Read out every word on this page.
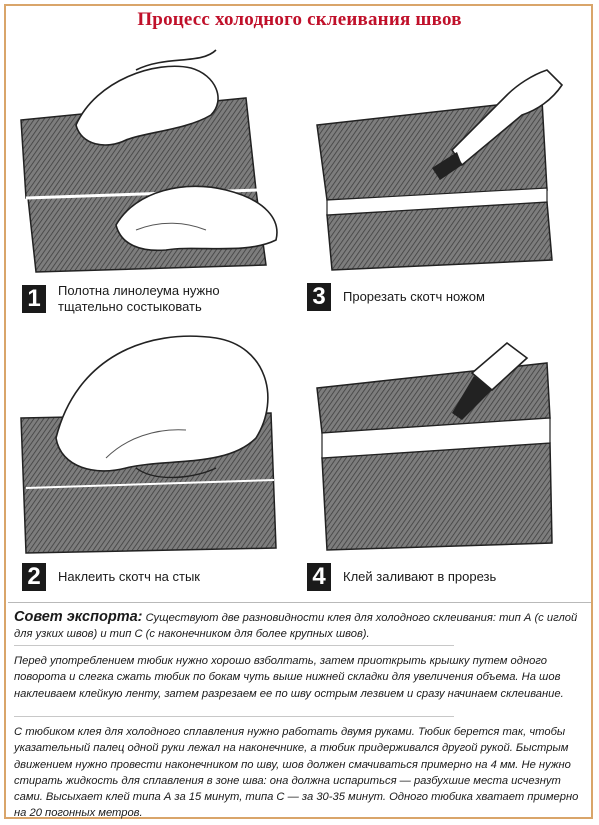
Процесс холодного склеивания швов
1	Полотна линолеума нужно
тщательно состыковать	3	Прорезать скотч ножом
2	Наклеить скотч на стык	4	Клей заливают в прорезь
Совет экспорта: Существуют две разновидности клея для холодного склеивания: тип А (с иглой для узких швов) и тип С (с наконечником для более крупных швов).
Перед употреблением тюбик нужно хорошо взболтать, затем приоткрыть крышку путем одного поворота и слегка сжать тюбик по бокам чуть выше нижней складки для увеличения объема. На шов наклеиваем клейкую ленту, затем разрезаем ее по шву острым лезвием и сразу начинаем склеивание.
С тюбиком клея для холодного сплавления нужно работать двумя руками. Тюбик берется так, чтобы указательный палец одной руки лежал на наконечнике, а тюбик придерживался другой рукой. Быстрым движением нужно провести наконечником по шву, шов должен смачиваться примерно на 4 мм. Не нужно стирать жидкость для сплавления в зоне шва: она должна испариться — разбухшие места исчезнут сами. Высыхает клей типа А за 15 минут, типа С — за 30-35 минут. Одного тюбика хватает примерно на 20 погонных метров.
